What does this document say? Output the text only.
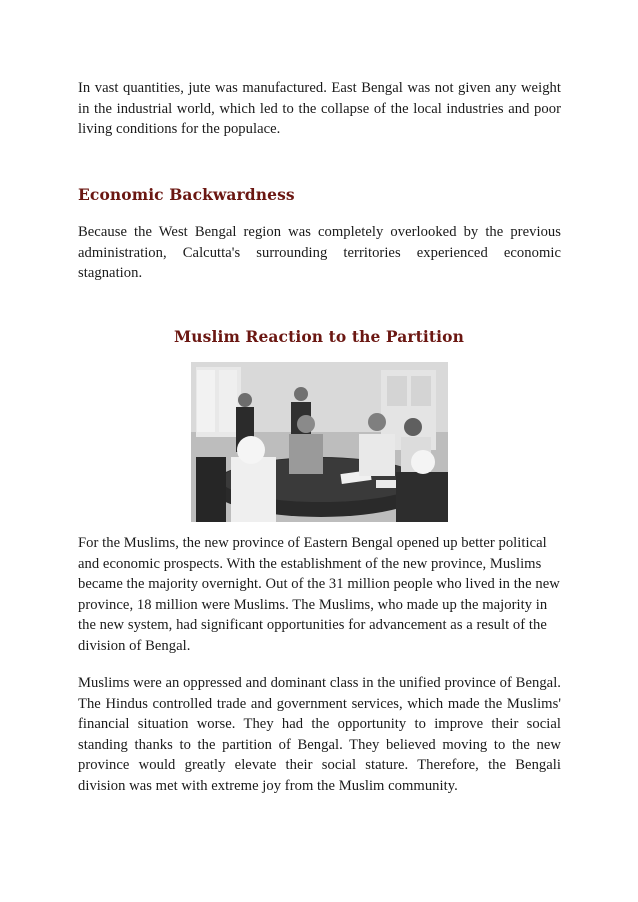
In vast quantities, jute was manufactured. East Bengal was not given any weight in the industrial world, which led to the collapse of the local industries and poor living conditions for the populace.

Economic Backwardness

Because the West Bengal region was completely overlooked by the previous administration, Calcutta's surrounding territories experienced economic stagnation.

Muslim Reaction to the Partition

For the Muslims, the new province of Eastern Bengal opened up better political and economic prospects. With the establishment of the new province, Muslims became the majority overnight. Out of the 31 million people who lived in the new province, 18 million were Muslims. The Muslims, who made up the majority in the new system, had significant opportunities for advancement as a result of the division of Bengal.

Muslims were an oppressed and dominant class in the unified province of Bengal. The Hindus controlled trade and government services, which made the Muslims' financial situation worse. They had the opportunity to improve their social standing thanks to the partition of Bengal. They believed moving to the new province would greatly elevate their social stature. Therefore, the Bengali division was met with extreme joy from the Muslim community.
